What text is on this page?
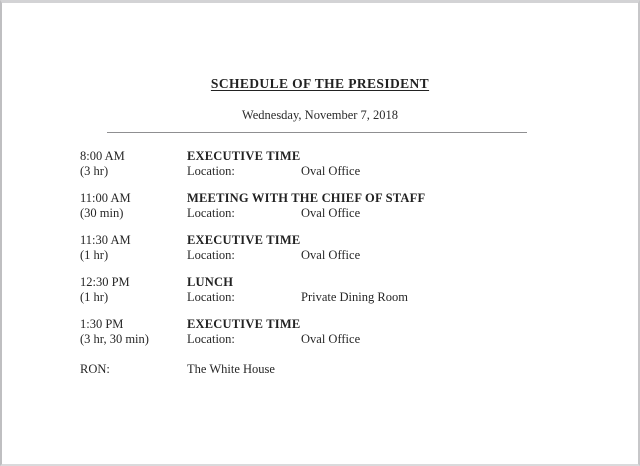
SCHEDULE OF THE PRESIDENT
Wednesday, November 7, 2018
8:00 AM	EXECUTIVE TIME
(3 hr)	Location:	Oval Office
11:00 AM	MEETING WITH THE CHIEF OF STAFF
(30 min)	Location:	Oval Office
11:30 AM	EXECUTIVE TIME
(1 hr)	Location:	Oval Office
12:30 PM	LUNCH
(1 hr)	Location:	Private Dining Room
1:30 PM	EXECUTIVE TIME
(3 hr, 30 min)	Location:	Oval Office
RON:	The White House
